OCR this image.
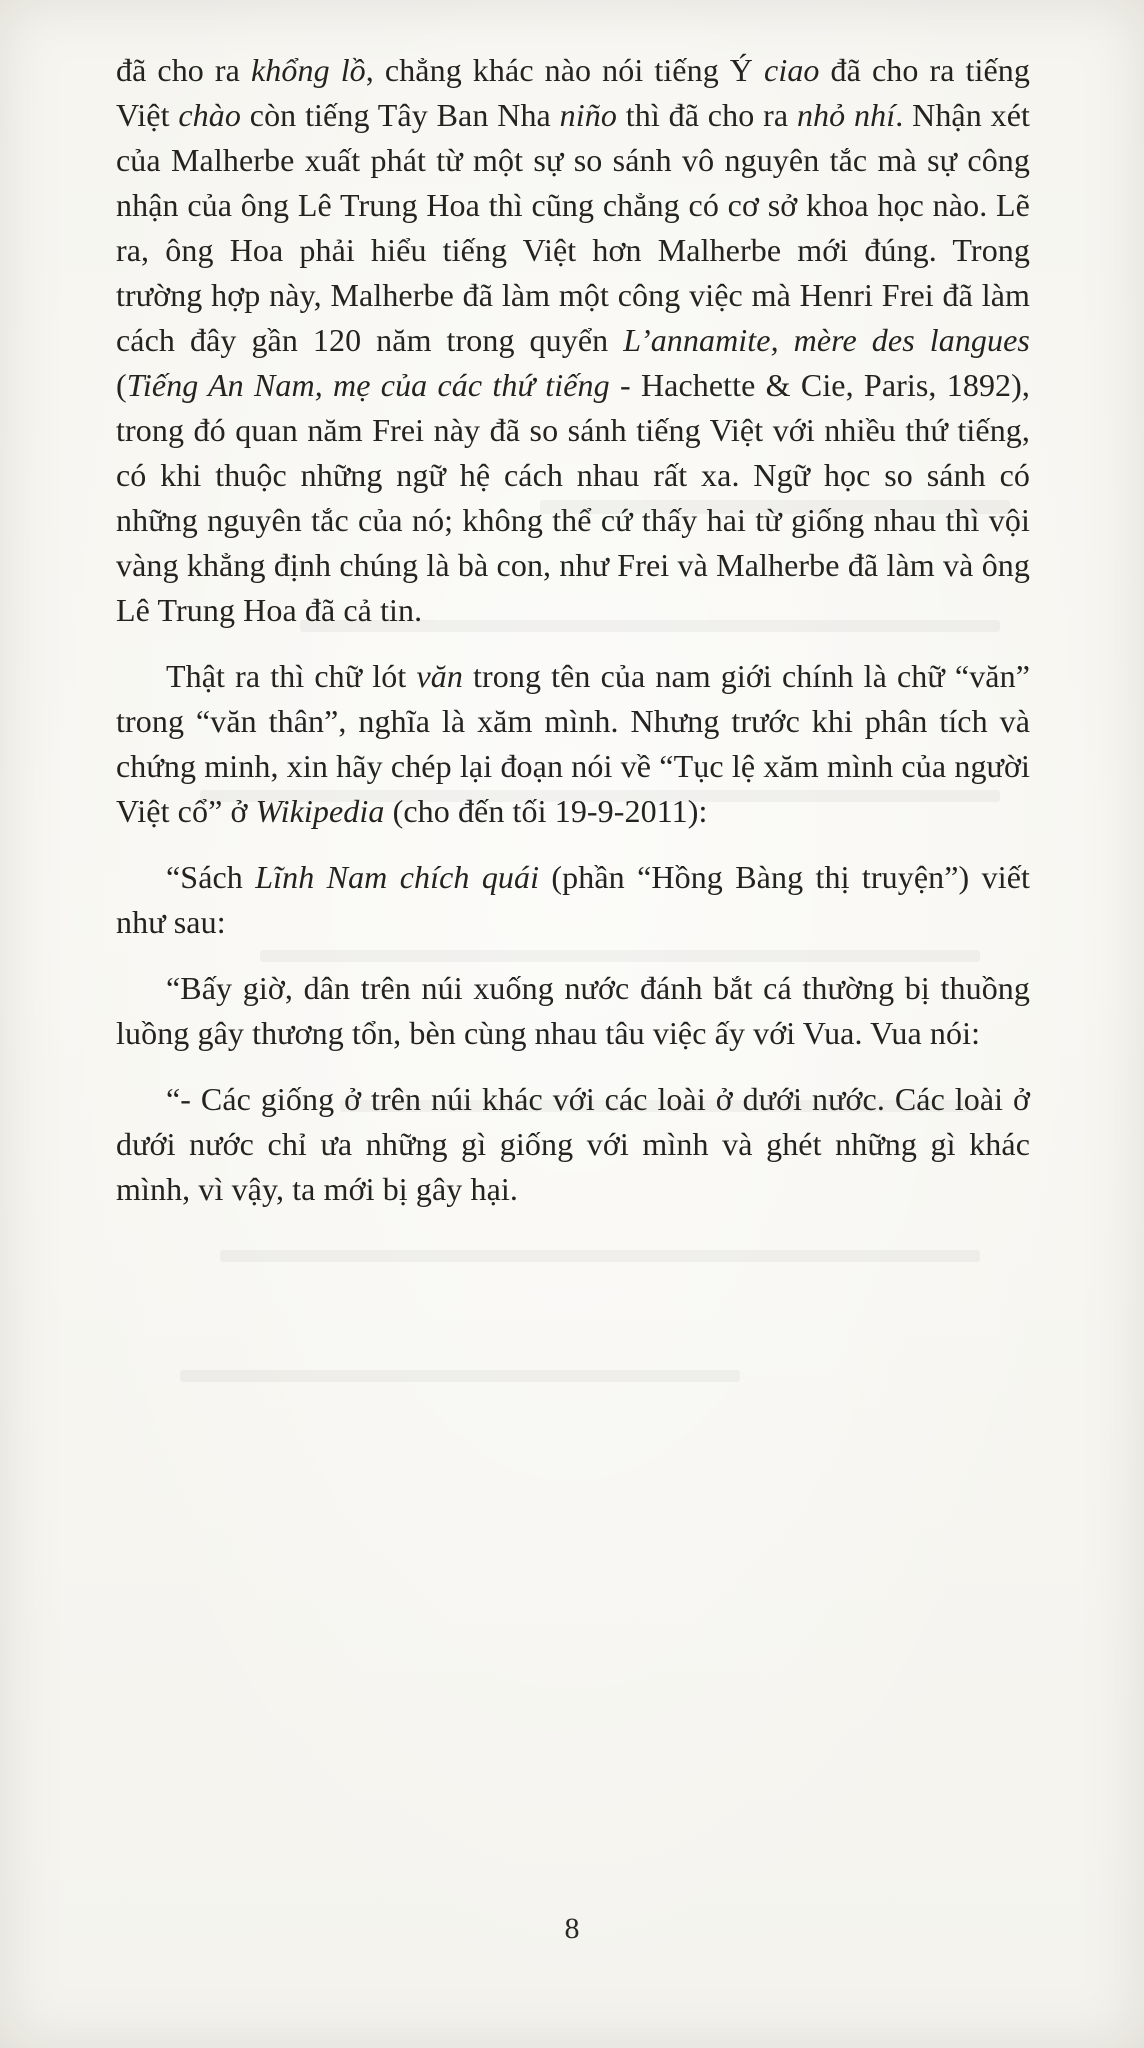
đã cho ra khổng lồ, chẳng khác nào nói tiếng Ý ciao đã cho ra tiếng Việt chào còn tiếng Tây Ban Nha niño thì đã cho ra nhỏ nhí. Nhận xét của Malherbe xuất phát từ một sự so sánh vô nguyên tắc mà sự công nhận của ông Lê Trung Hoa thì cũng chẳng có cơ sở khoa học nào. Lẽ ra, ông Hoa phải hiểu tiếng Việt hơn Malherbe mới đúng. Trong trường hợp này, Malherbe đã làm một công việc mà Henri Frei đã làm cách đây gần 120 năm trong quyển L’annamite, mère des langues (Tiếng An Nam, mẹ của các thứ tiếng - Hachette & Cie, Paris, 1892), trong đó quan năm Frei này đã so sánh tiếng Việt với nhiều thứ tiếng, có khi thuộc những ngữ hệ cách nhau rất xa. Ngữ học so sánh có những nguyên tắc của nó; không thể cứ thấy hai từ giống nhau thì vội vàng khẳng định chúng là bà con, như Frei và Malherbe đã làm và ông Lê Trung Hoa đã cả tin.

Thật ra thì chữ lót văn trong tên của nam giới chính là chữ “văn” trong “văn thân”, nghĩa là xăm mình. Nhưng trước khi phân tích và chứng minh, xin hãy chép lại đoạn nói về “Tục lệ xăm mình của người Việt cổ” ở Wikipedia (cho đến tối 19-9-2011):

“Sách Lĩnh Nam chích quái (phần “Hồng Bàng thị truyện”) viết như sau:

“Bấy giờ, dân trên núi xuống nước đánh bắt cá thường bị thuồng luồng gây thương tổn, bèn cùng nhau tâu việc ấy với Vua. Vua nói:

“- Các giống ở trên núi khác với các loài ở dưới nước. Các loài ở dưới nước chỉ ưa những gì giống với mình và ghét những gì khác mình, vì vậy, ta mới bị gây hại.

8
